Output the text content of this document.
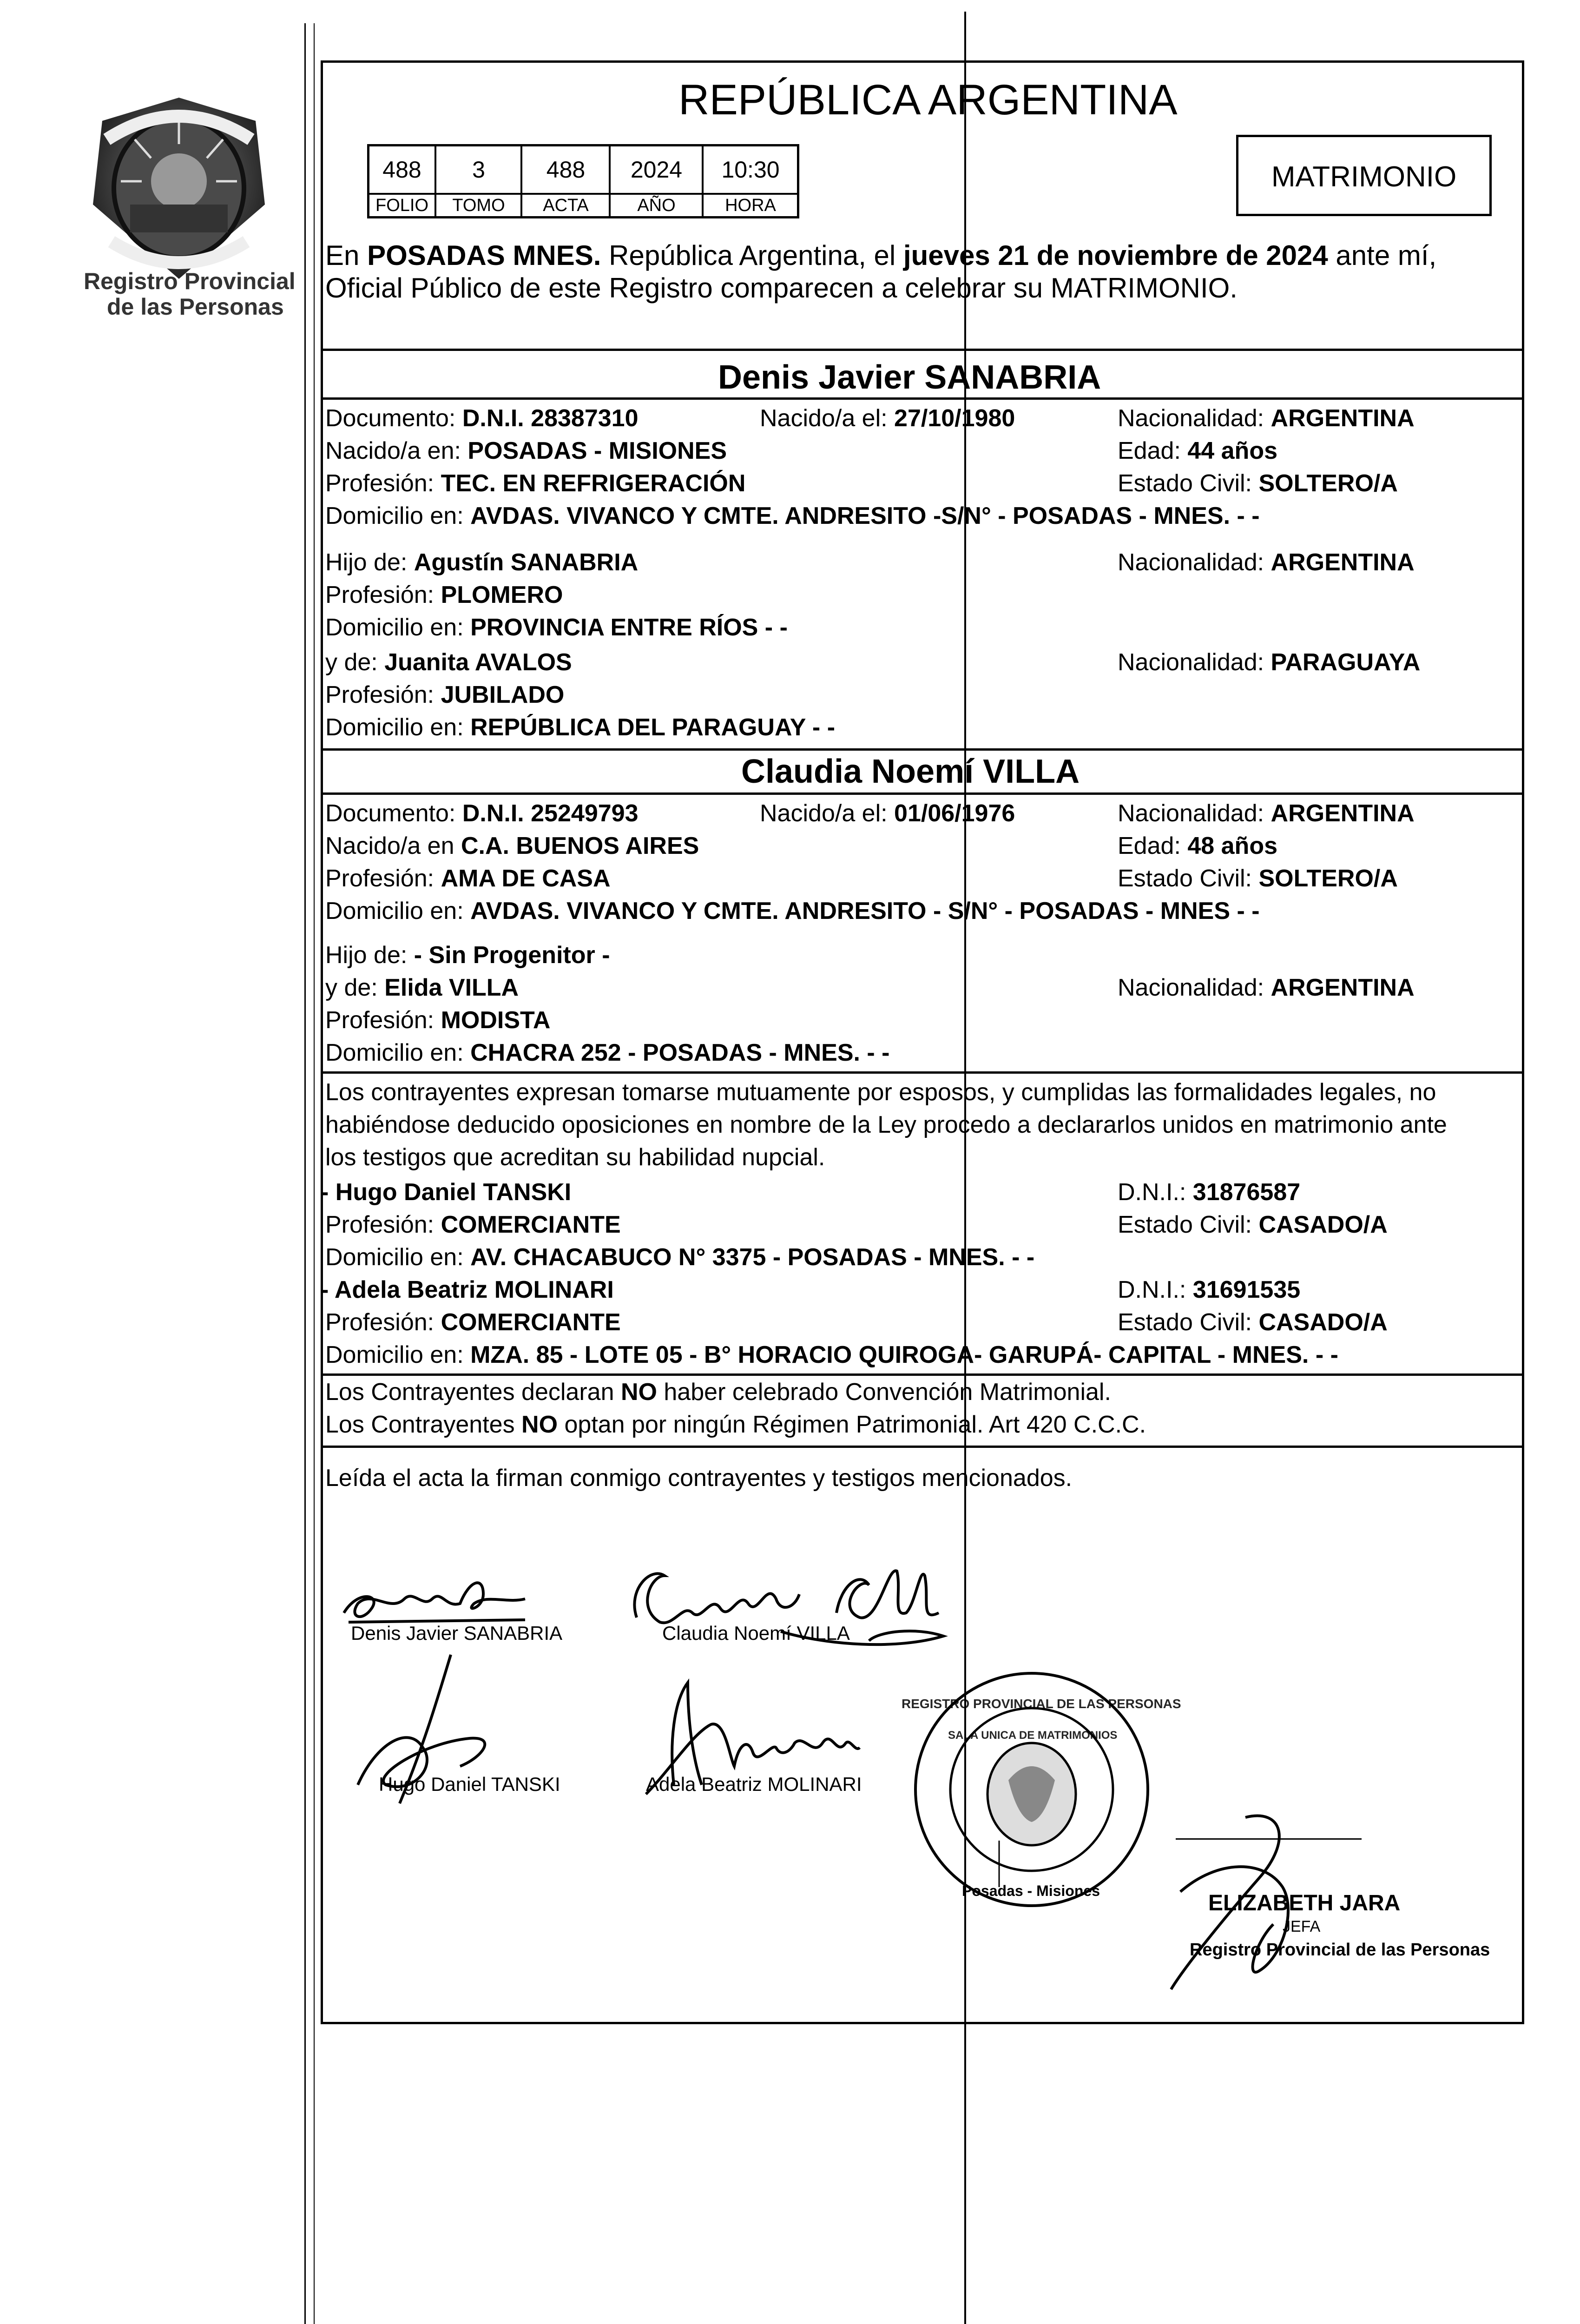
Registro Provincial
de las Personas
REPÚBLICA ARGENTINA
488	3	488	2024	10:30
FOLIO	TOMO	ACTA	AÑO	HORA
MATRIMONIO
En POSADAS MNES. República Argentina, el jueves 21 de noviembre de 2024 ante mí,
Oficial Público de este Registro comparecen a celebrar su MATRIMONIO.
Denis Javier SANABRIA
Documento: D.N.I. 28387310	Nacido/a el: 27/10/1980	Nacionalidad: ARGENTINA
Nacido/a en: POSADAS - MISIONES	Edad: 44 años
Profesión: TEC. EN REFRIGERACIÓN	Estado Civil: SOLTERO/A
Domicilio en: AVDAS. VIVANCO Y CMTE. ANDRESITO -S/N° - POSADAS - MNES. - -
Hijo de: Agustín SANABRIA	Nacionalidad: ARGENTINA
Profesión: PLOMERO
Domicilio en: PROVINCIA ENTRE RÍOS - -
y de: Juanita AVALOS	Nacionalidad: PARAGUAYA
Profesión: JUBILADO
Domicilio en: REPÚBLICA DEL PARAGUAY - -
Claudia Noemí VILLA
Documento: D.N.I. 25249793	Nacido/a el: 01/06/1976	Nacionalidad: ARGENTINA
Nacido/a en C.A. BUENOS AIRES	Edad: 48 años
Profesión: AMA DE CASA	Estado Civil: SOLTERO/A
Domicilio en: AVDAS. VIVANCO Y CMTE. ANDRESITO - S/N° - POSADAS - MNES - -
Hijo de: - Sin Progenitor -
y de: Elida VILLA	Nacionalidad: ARGENTINA
Profesión: MODISTA
Domicilio en: CHACRA 252 - POSADAS - MNES. - -
Los contrayentes expresan tomarse mutuamente por esposos, y cumplidas las formalidades legales, no
habiéndose deducido oposiciones en nombre de la Ley procedo a declararlos unidos en matrimonio ante
los testigos que acreditan su habilidad nupcial.
- Hugo Daniel TANSKI	D.N.I.: 31876587
Profesión: COMERCIANTE	Estado Civil: CASADO/A
Domicilio en: AV. CHACABUCO N° 3375 - POSADAS - MNES. - -
- Adela Beatriz MOLINARI	D.N.I.: 31691535
Profesión: COMERCIANTE	Estado Civil: CASADO/A
Domicilio en: MZA. 85 - LOTE 05 - B° HORACIO QUIROGA- GARUPÁ- CAPITAL - MNES. - -
Los Contrayentes declaran NO haber celebrado Convención Matrimonial.
Los Contrayentes NO optan por ningún Régimen Patrimonial. Art 420 C.C.C.
Leída el acta la firman conmigo contrayentes y testigos mencionados.
Denis Javier SANABRIA	Claudia Noemí VILLA
Hugo Daniel TANSKI	Adela Beatriz MOLINARI
REGISTRO PROVINCIAL DE LAS PERSONAS
SALA UNICA DE MATRIMONIOS
Posadas - Misiones	ELIZABETH JARA
JEFA
Registro Provincial de las Personas
